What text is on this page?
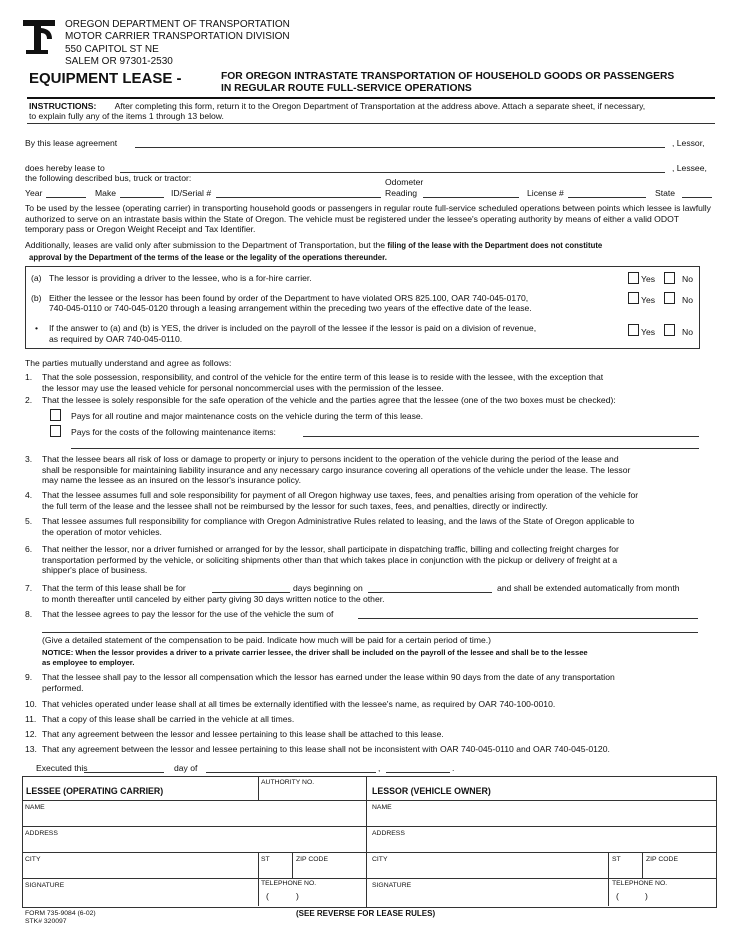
OREGON DEPARTMENT OF TRANSPORTATION
MOTOR CARRIER TRANSPORTATION DIVISION
550 CAPITOL ST NE
SALEM OR 97301-2530
EQUIPMENT LEASE -	FOR OREGON INTRASTATE TRANSPORTATION OF HOUSEHOLD GOODS OR PASSENGERS
IN REGULAR ROUTE FULL-SERVICE OPERATIONS
INSTRUCTIONS: After completing this form, return it to the Oregon Department of Transportation at the address above. Attach a separate sheet, if necessary,
to explain fully any of the items 1 through 13 below.
By this lease agreement	, Lessor,
does hereby lease to	, Lessee,
the following described bus, truck or tractor:
Year	Make	ID/Serial #
Odometer
Reading	License #	State
To be used by the lessee (operating carrier) in transporting household goods or passengers in regular route full-service scheduled operations between points which lessee is lawfully authorized to serve on an intrastate basis within the State of Oregon. The vehicle must be registered under the lessee's operating authority by means of either a valid ODOT temporary pass or Oregon Weight Receipt and Tax Identifier.
Additionally, leases are valid only after submission to the Department of Transportation, but the filing of the lease with the Department does not constitute
approval by the Department of the terms of the lease or the legality of the operations thereunder.
(a) The lessor is providing a driver to the lessee, who is a for-hire carrier.	Yes	No
(b) Either the lessee or the lessor has been found by order of the Department to have violated ORS 825.100, OAR 740-045-0170,
740-045-0110 or 740-045-0120 through a leasing arrangement within the preceding two years of the effective date of the lease.
Yes	No
• If the answer to (a) and (b) is YES, the driver is included on the payroll of the lessee if the lessor is paid on a division of revenue,
as required by OAR 740-045-0110.
Yes	No
The parties mutually understand and agree as follows:
1. That the sole possession, responsibility, and control of the vehicle for the entire term of this lease is to reside with the lessee, with the exception that
the lessor may use the leased vehicle for personal noncommercial uses with the permission of the lessee.
2. That the lessee is solely responsible for the safe operation of the vehicle and the parties agree that the lessee (one of the two boxes must be checked):
Pays for all routine and major maintenance costs on the vehicle during the term of this lease.
Pays for the costs of the following maintenance items:
3. That the lessee bears all risk of loss or damage to property or injury to persons incident to the operation of the vehicle during the period of the lease and
shall be responsible for maintaining liability insurance and any necessary cargo insurance covering all operations of the vehicle under the lease. The lessor
may name the lessee as an insured on the lessor's insurance policy.
4. That the lessee assumes full and sole responsibility for payment of all Oregon highway use taxes, fees, and penalties arising from operation of the vehicle for
the full term of the lease and the lessee shall not be reimbursed by the lessor for such taxes, fees, and penalties, directly or indirectly.
5. That lessee assumes full responsibility for compliance with Oregon Administrative Rules related to leasing, and the laws of the State of Oregon applicable to
the operation of motor vehicles.
6. That neither the lessor, nor a driver furnished or arranged for by the lessor, shall participate in dispatching traffic, billing and collecting freight charges for
transportation performed by the vehicle, or soliciting shipments other than that which takes place in conjunction with the pickup or delivery of freight at a
shipper's place of business.
7. That the term of this lease shall be for	days beginning on	and shall be extended automatically from month
to month thereafter until canceled by either party giving 30 days written notice to the other.
8. That the lessee agrees to pay the lessor for the use of the vehicle the sum of
(Give a detailed statement of the compensation to be paid. Indicate how much will be paid for a certain period of time.)
NOTICE: When the lessor provides a driver to a private carrier lessee, the driver shall be included on the payroll of the lessee and shall be to the lessee
as employee to employer.
9. That the lessee shall pay to the lessor all compensation which the lessor has earned under the lease within 90 days from the date of any transportation
performed.
10. That vehicles operated under lease shall at all times be externally identified with the lessee's name, as required by OAR 740-100-0010.
11. That a copy of this lease shall be carried in the vehicle at all times.
12. That any agreement between the lessor and lessee pertaining to this lease shall be attached to this lease.
13. That any agreement between the lessor and lessee pertaining to this lease shall not be inconsistent with OAR 740-045-0110 and OAR 740-045-0120.
Executed this	day of	,	.
LESSEE (OPERATING CARRIER)
AUTHORITY NO.
LESSOR (VEHICLE OWNER)
NAME	NAME
ADDRESS	ADDRESS
CITY	ST	ZIP CODE	CITY	ST	ZIP CODE
SIGNATURE	TELEPHONE NO.
(	)
SIGNATURE	TELEPHONE NO.
(	)
FORM 735-9084 (6-02)
STK# 320097
(SEE REVERSE FOR LEASE RULES)
